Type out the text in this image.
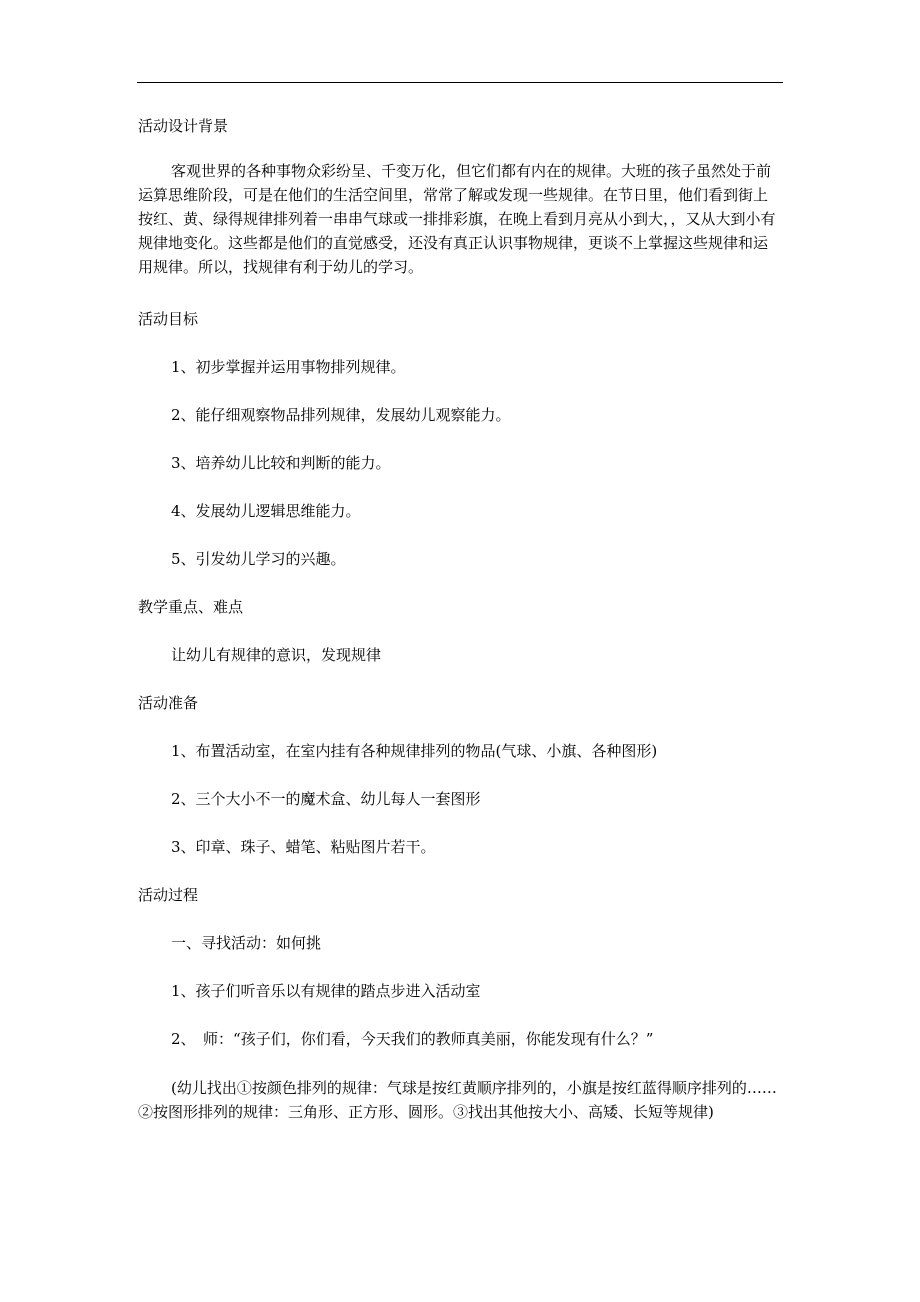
活动设计背景
客观世界的各种事物众彩纷呈、千变万化，但它们都有内在的规律。大班的孩子虽然处于前运算思维阶段，可是在他们的生活空间里，常常了解或发现一些规律。在节日里，他们看到街上按红、黄、绿得规律排列着一串串气球或一排排彩旗，在晚上看到月亮从小到大，，又从大到小有规律地变化。这些都是他们的直觉感受，还没有真正认识事物规律，更谈不上掌握这些规律和运用规律。所以，找规律有利于幼儿的学习。
活动目标
1、初步掌握并运用事物排列规律。
2、能仔细观察物品排列规律，发展幼儿观察能力。
3、培养幼儿比较和判断的能力。
4、发展幼儿逻辑思维能力。
5、引发幼儿学习的兴趣。
教学重点、难点
让幼儿有规律的意识，发现规律
活动准备
1、布置活动室，在室内挂有各种规律排列的物品(气球、小旗、各种图形)
2、三个大小不一的魔术盒、幼儿每人一套图形
3、印章、珠子、蜡笔、粘贴图片若干。
活动过程
一、寻找活动：如何挑
1、孩子们听音乐以有规律的踏点步进入活动室
2、　师：“孩子们，你们看，今天我们的教师真美丽，你能发现有什么？”
(幼儿找出①按颜色排列的规律：气球是按红黄顺序排列的，小旗是按红蓝得顺序排列的……②按图形排列的规律：三角形、正方形、圆形。③找出其他按大小、高矮、长短等规律)
